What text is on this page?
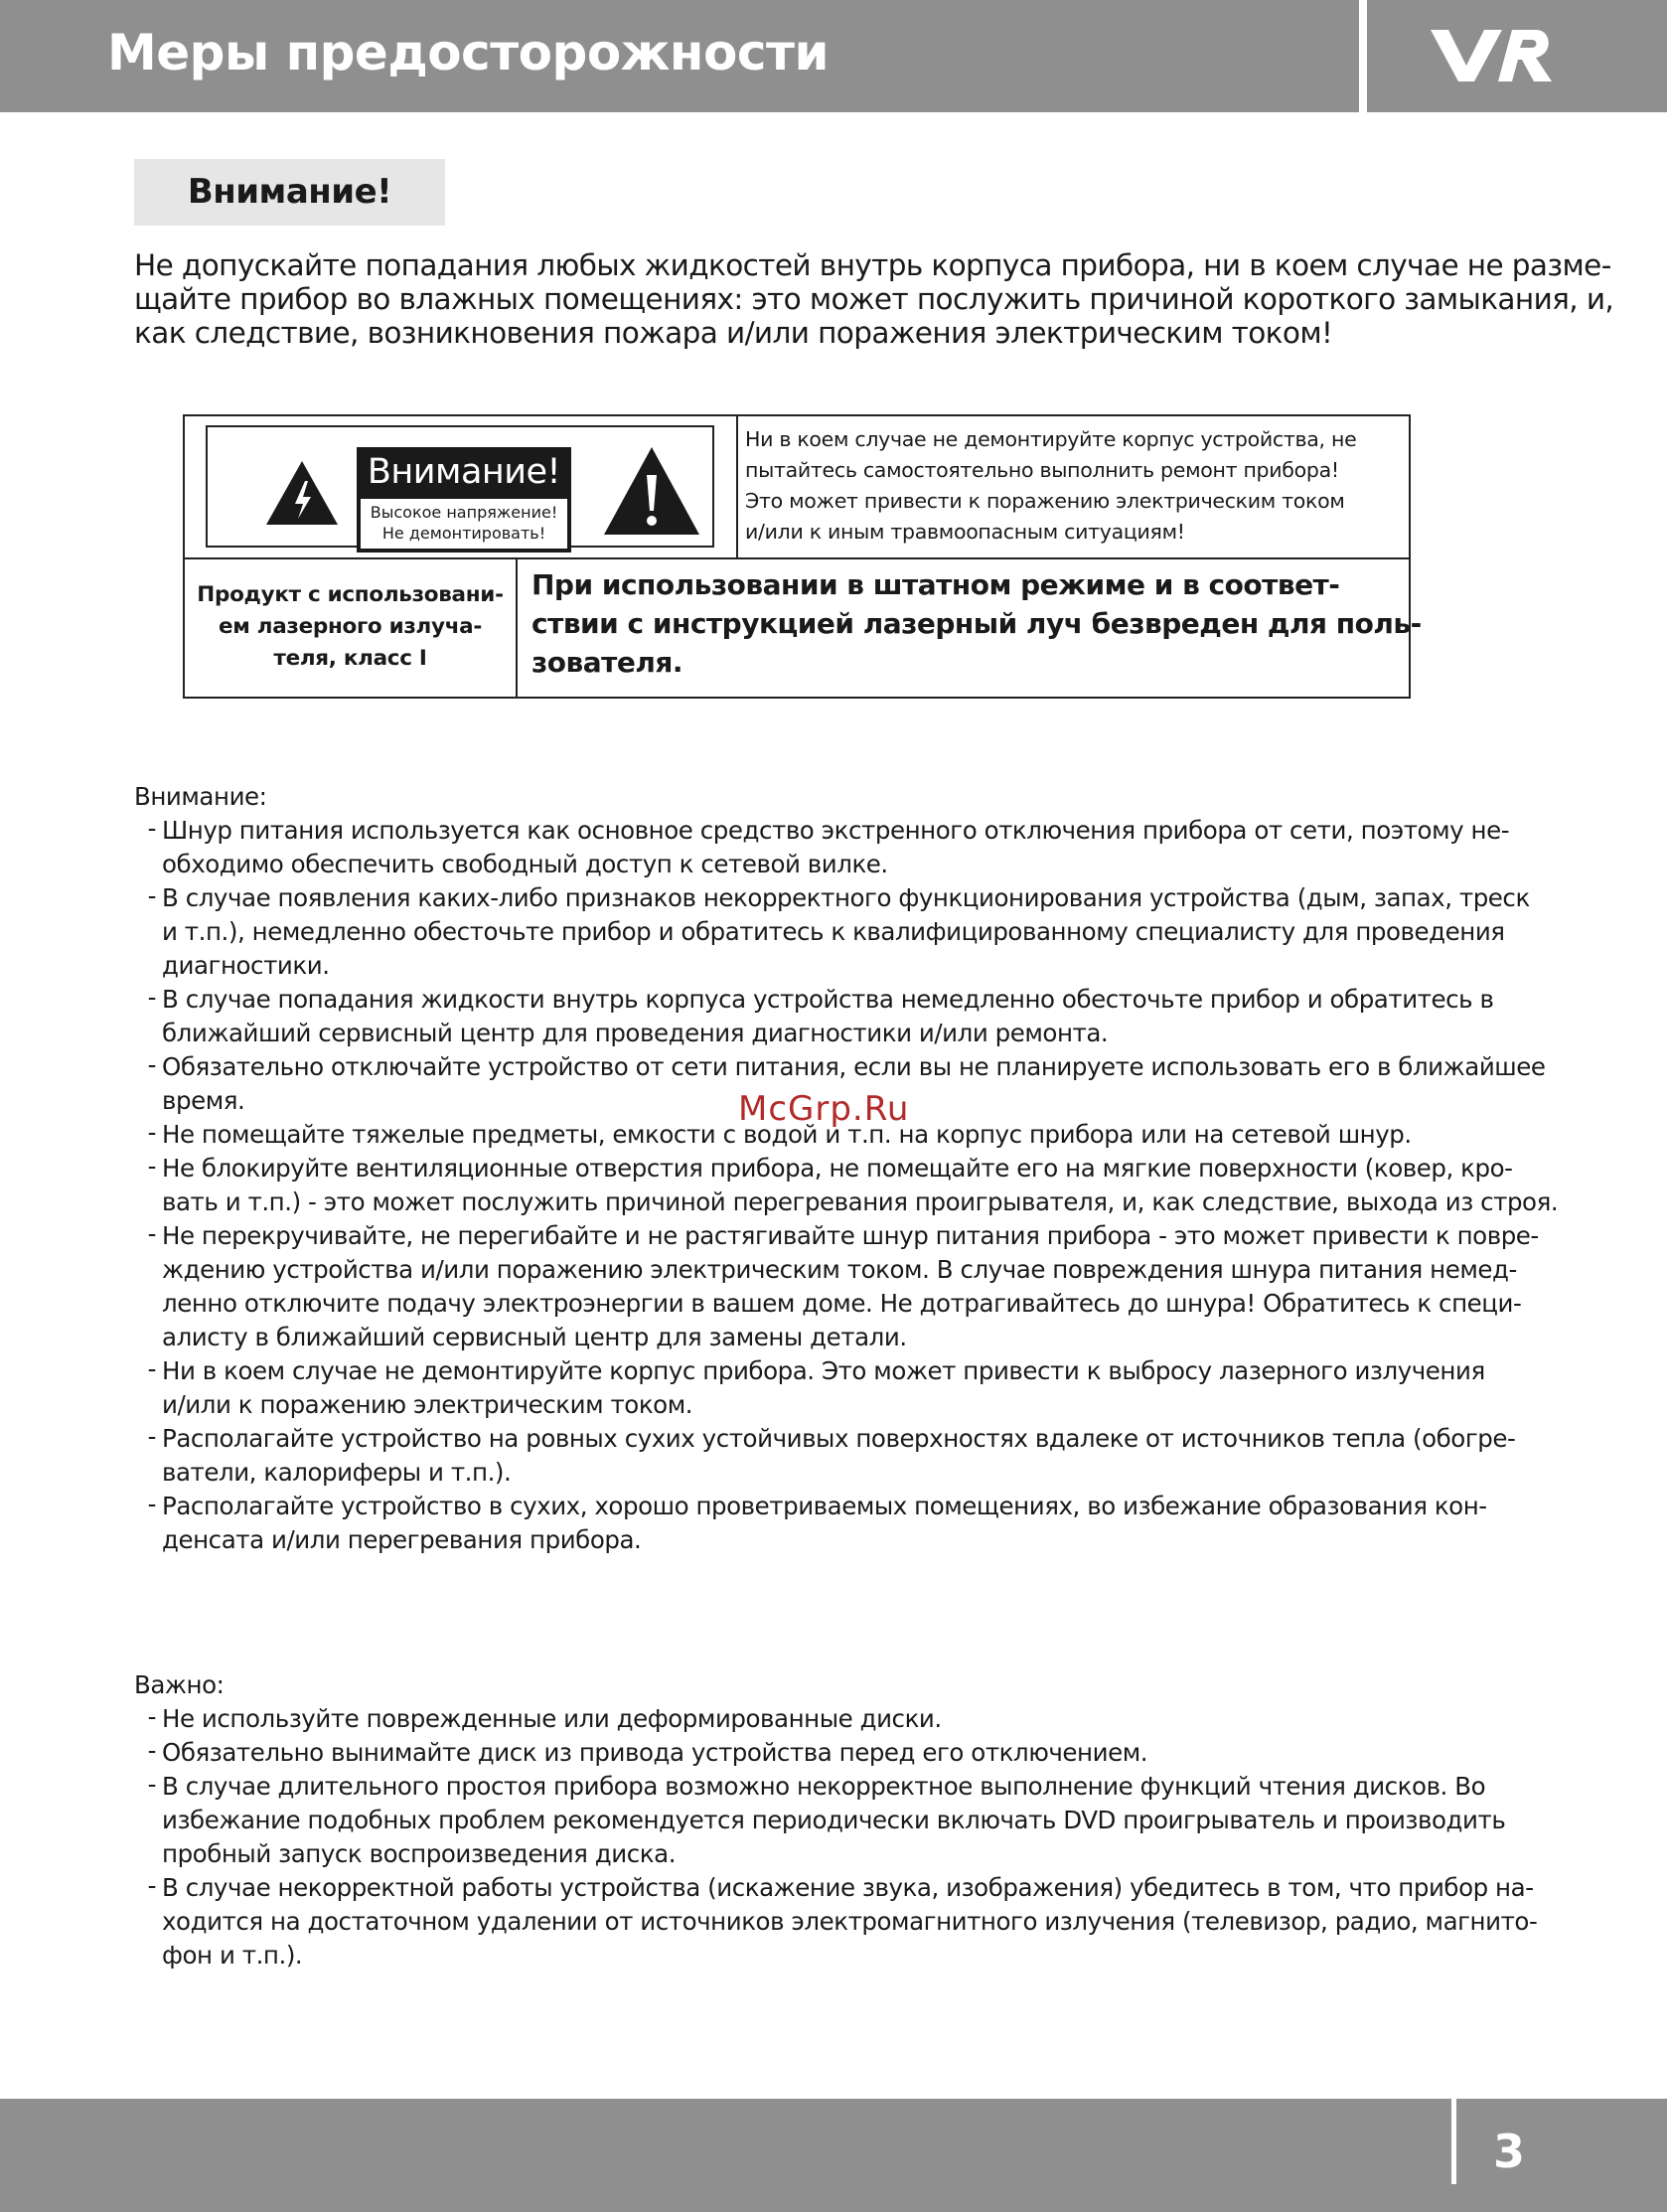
Меры предосторожности
Внимание!
Не допускайте попадания любых жидкостей внутрь корпуса прибора, ни в коем случае не разме-
щайте прибор во влажных помещениях: это может послужить причиной короткого замыкания, и,
как следствие, возникновения пожара и/или поражения электрическим током!
Внимание!
Высокое напряжение!
Не демонтировать!
Ни в коем случае не демонтируйте корпус устройства, не
пытайтесь самостоятельно выполнить ремонт прибора!
Это может привести к поражению электрическим током
и/или к иным травмоопасным ситуациям!
Продукт с использовани-
ем лазерного излуча-
теля, класс I
При использовании в штатном режиме и в соответ-
ствии с инструкцией лазерный луч безвреден для поль-
зователя.
Внимание:
- Шнур питания используется как основное средство экстренного отключения прибора от сети, поэтому не-
обходимо обеспечить свободный доступ к сетевой вилке.
- В случае появления каких-либо признаков некорректного функционирования устройства (дым, запах, треск
и т.п.), немедленно обесточьте прибор и обратитесь к квалифицированному специалисту для проведения
диагностики.
- В случае попадания жидкости внутрь корпуса устройства немедленно обесточьте прибор и обратитесь в
ближайший сервисный центр для проведения диагностики и/или ремонта.
- Обязательно отключайте устройство от сети питания, если вы не планируете использовать его в ближайшее
время.
- Не помещайте тяжелые предметы, емкости с водой и т.п. на корпус прибора или на сетевой шнур.
- Не блокируйте вентиляционные отверстия прибора, не помещайте его на мягкие поверхности (ковер, кро-
вать и т.п.) - это может послужить причиной перегревания проигрывателя, и, как следствие, выхода из строя.
- Не перекручивайте, не перегибайте и не растягивайте шнур питания прибора - это может привести к повре-
ждению устройства и/или поражению электрическим током. В случае повреждения шнура питания немед-
ленно отключите подачу электроэнергии в вашем доме. Не дотрагивайтесь до шнура! Обратитесь к специ-
алисту в ближайший сервисный центр для замены детали.
- Ни в коем случае не демонтируйте корпус прибора. Это может привести к выбросу лазерного излучения
и/или к поражению электрическим током.
- Располагайте устройство на ровных сухих устойчивых поверхностях вдалеке от источников тепла (обогре-
ватели, калориферы и т.п.).
- Располагайте устройство в сухих, хорошо проветриваемых помещениях, во избежание образования кон-
денсата и/или перегревания прибора.
McGrp.Ru
Важно:
- Не используйте поврежденные или деформированные диски.
- Обязательно вынимайте диск из привода устройства перед его отключением.
- В случае длительного простоя прибора возможно некорректное выполнение функций чтения дисков. Во
избежание подобных проблем рекомендуется периодически включать DVD проигрыватель и производить
пробный запуск воспроизведения диска.
- В случае некорректной работы устройства (искажение звука, изображения) убедитесь в том, что прибор на-
ходится на достаточном удалении от источников электромагнитного излучения (телевизор, радио, магнито-
фон и т.п.).
3
